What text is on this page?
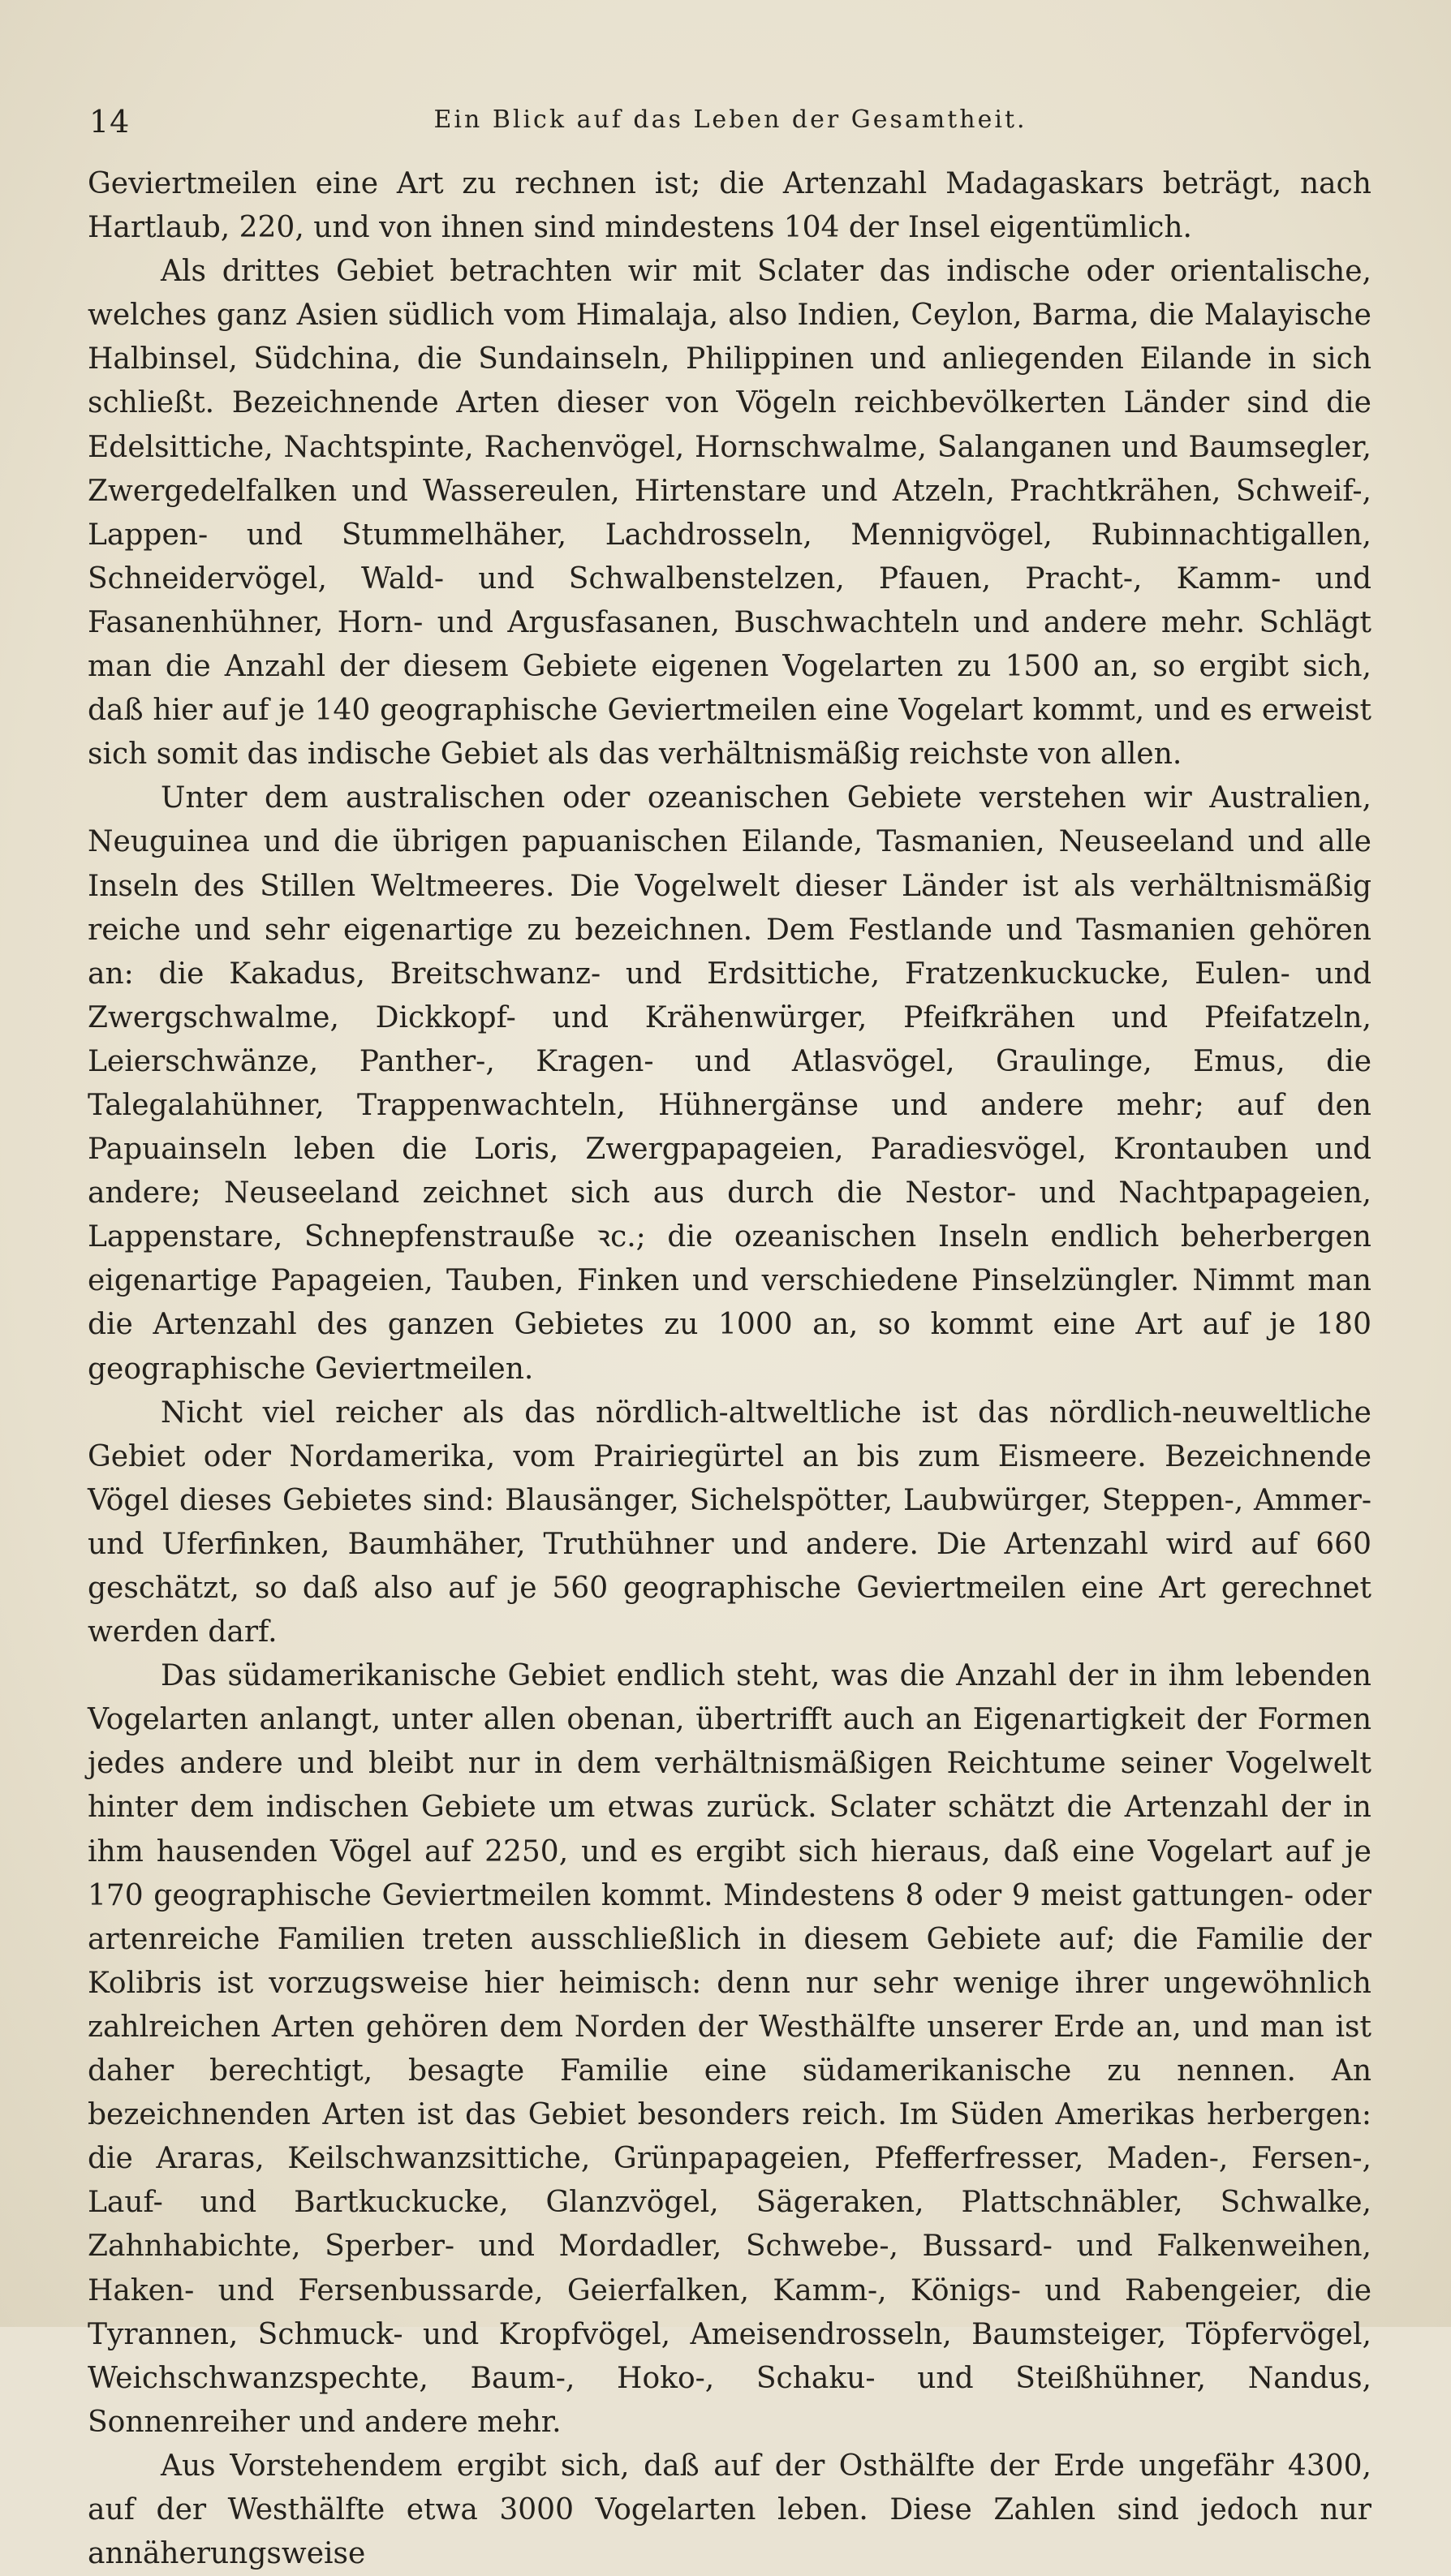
14	Ein Blick auf das Leben der Gesamtheit.

Geviertmeilen eine Art zu rechnen ist; die Artenzahl Madagaskars beträgt, nach Hartlaub, 220, und von ihnen sind mindestens 104 der Insel eigentümlich.

Als drittes Gebiet betrachten wir mit Sclater das indische oder orientalische, welches ganz Asien südlich vom Himalaja, also Indien, Ceylon, Barma, die Malayische Halbinsel, Südchina, die Sundainseln, Philippinen und anliegenden Eilande in sich schließt. Bezeichnende Arten dieser von Vögeln reichbevölkerten Länder sind die Edelsittiche, Nachtspinte, Rachenvögel, Hornschwalme, Salanganen und Baumsegler, Zwergedelfalken und Wassereulen, Hirtenstare und Atzeln, Prachtkrähen, Schweif-, Lappen- und Stummelhäher, Lachdrosseln, Mennigvögel, Rubinnachtigallen, Schneidervögel, Wald- und Schwalbenstelzen, Pfauen, Pracht-, Kamm- und Fasanenhühner, Horn- und Argusfasanen, Buschwachteln und andere mehr. Schlägt man die Anzahl der diesem Gebiete eigenen Vogelarten zu 1500 an, so ergibt sich, daß hier auf je 140 geographische Geviertmeilen eine Vogelart kommt, und es erweist sich somit das indische Gebiet als das verhältnismäßig reichste von allen.

Unter dem australischen oder ozeanischen Gebiete verstehen wir Australien, Neuguinea und die übrigen papuanischen Eilande, Tasmanien, Neuseeland und alle Inseln des Stillen Weltmeeres. Die Vogelwelt dieser Länder ist als verhältnismäßig reiche und sehr eigenartige zu bezeichnen. Dem Festlande und Tasmanien gehören an: die Kakadus, Breitschwanz- und Erdsittiche, Fratzenkuckucke, Eulen- und Zwergschwalme, Dickkopf- und Krähenwürger, Pfeifkrähen und Pfeifatzeln, Leierschwänze, Panther-, Kragen- und Atlasvögel, Graulinge, Emus, die Talegalahühner, Trappenwachteln, Hühnergänse und andere mehr; auf den Papuainseln leben die Loris, Zwergpapageien, Paradiesvögel, Krontauben und andere; Neuseeland zeichnet sich aus durch die Nestor- und Nachtpapageien, Lappenstare, Schnepfenstrauße ꝛc.; die ozeanischen Inseln endlich beherbergen eigenartige Papageien, Tauben, Finken und verschiedene Pinselzüngler. Nimmt man die Artenzahl des ganzen Gebietes zu 1000 an, so kommt eine Art auf je 180 geographische Geviertmeilen.

Nicht viel reicher als das nördlich-altweltliche ist das nördlich-neuweltliche Gebiet oder Nordamerika, vom Prairiegürtel an bis zum Eismeere. Bezeichnende Vögel dieses Gebietes sind: Blausänger, Sichelspötter, Laubwürger, Steppen-, Ammer- und Uferfinken, Baumhäher, Truthühner und andere. Die Artenzahl wird auf 660 geschätzt, so daß also auf je 560 geographische Geviertmeilen eine Art gerechnet werden darf.

Das südamerikanische Gebiet endlich steht, was die Anzahl der in ihm lebenden Vogelarten anlangt, unter allen obenan, übertrifft auch an Eigenartigkeit der Formen jedes andere und bleibt nur in dem verhältnismäßigen Reichtume seiner Vogelwelt hinter dem indischen Gebiete um etwas zurück. Sclater schätzt die Artenzahl der in ihm hausenden Vögel auf 2250, und es ergibt sich hieraus, daß eine Vogelart auf je 170 geographische Geviertmeilen kommt. Mindestens 8 oder 9 meist gattungen- oder artenreiche Familien treten ausschließlich in diesem Gebiete auf; die Familie der Kolibris ist vorzugsweise hier heimisch: denn nur sehr wenige ihrer ungewöhnlich zahlreichen Arten gehören dem Norden der Westhälfte unserer Erde an, und man ist daher berechtigt, besagte Familie eine südamerikanische zu nennen. An bezeichnenden Arten ist das Gebiet besonders reich. Im Süden Amerikas herbergen: die Araras, Keilschwanzsittiche, Grünpapageien, Pfefferfresser, Maden-, Fersen-, Lauf- und Bartkuckucke, Glanzvögel, Sägeraken, Plattschnäbler, Schwalke, Zahnhabichte, Sperber- und Mordadler, Schwebe-, Bussard- und Falkenweihen, Haken- und Fersenbussarde, Geierfalken, Kamm-, Königs- und Rabengeier, die Tyrannen, Schmuck- und Kropfvögel, Ameisendrosseln, Baumsteiger, Töpfervögel, Weichschwanzspechte, Baum-, Hoko-, Schaku- und Steißhühner, Nandus, Sonnenreiher und andere mehr.

Aus Vorstehendem ergibt sich, daß auf der Osthälfte der Erde ungefähr 4300, auf der Westhälfte etwa 3000 Vogelarten leben. Diese Zahlen sind jedoch nur annäherungsweise
